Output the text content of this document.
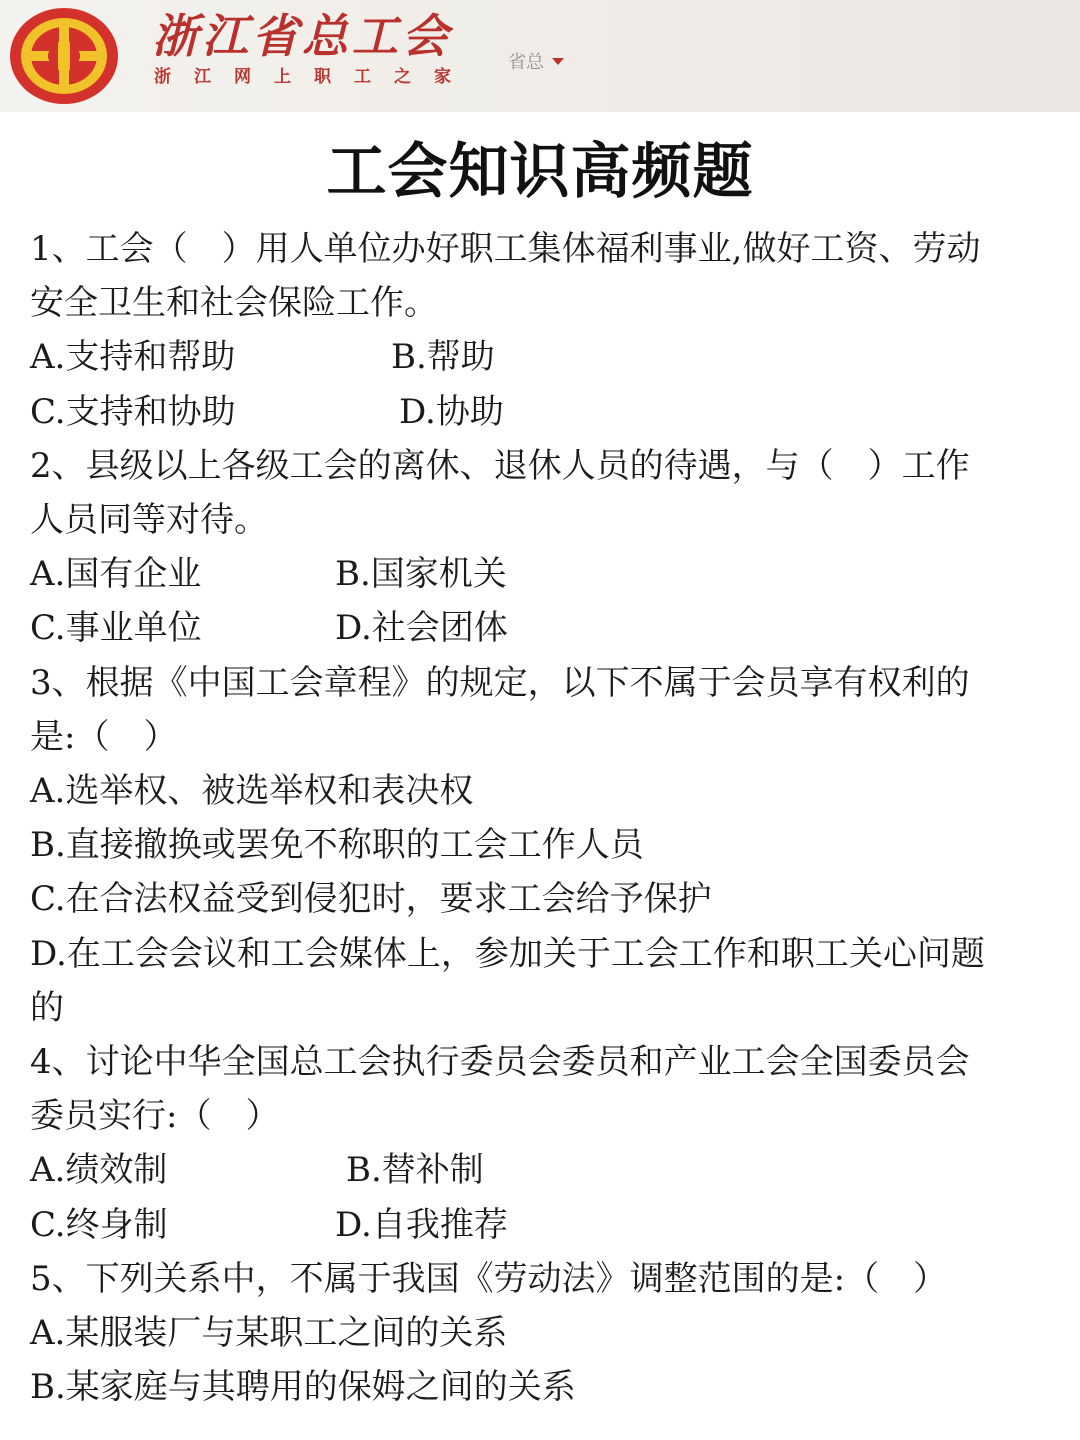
浙江省总工会
浙江网上职工之家
省总
工会知识高频题
1、工会（　）用人单位办好职工集体福利事业,做好工资、劳动
安全卫生和社会保险工作。
A.支持和帮助	B.帮助
C.支持和协助	D.协助
2、县级以上各级工会的离休、退休人员的待遇，与（　）工作
人员同等对待。
A.国有企业	B.国家机关
C.事业单位	D.社会团体
3、根据《中国工会章程》的规定，以下不属于会员享有权利的
是:（　）
A.选举权、被选举权和表决权
B.直接撤换或罢免不称职的工会工作人员
C.在合法权益受到侵犯时，要求工会给予保护
D.在工会会议和工会媒体上，参加关于工会工作和职工关心问题
的
4、讨论中华全国总工会执行委员会委员和产业工会全国委员会
委员实行:（　）
A.绩效制	B.替补制
C.终身制	D.自我推荐
5、下列关系中，不属于我国《劳动法》调整范围的是:（　）
A.某服装厂与某职工之间的关系
B.某家庭与其聘用的保姆之间的关系
